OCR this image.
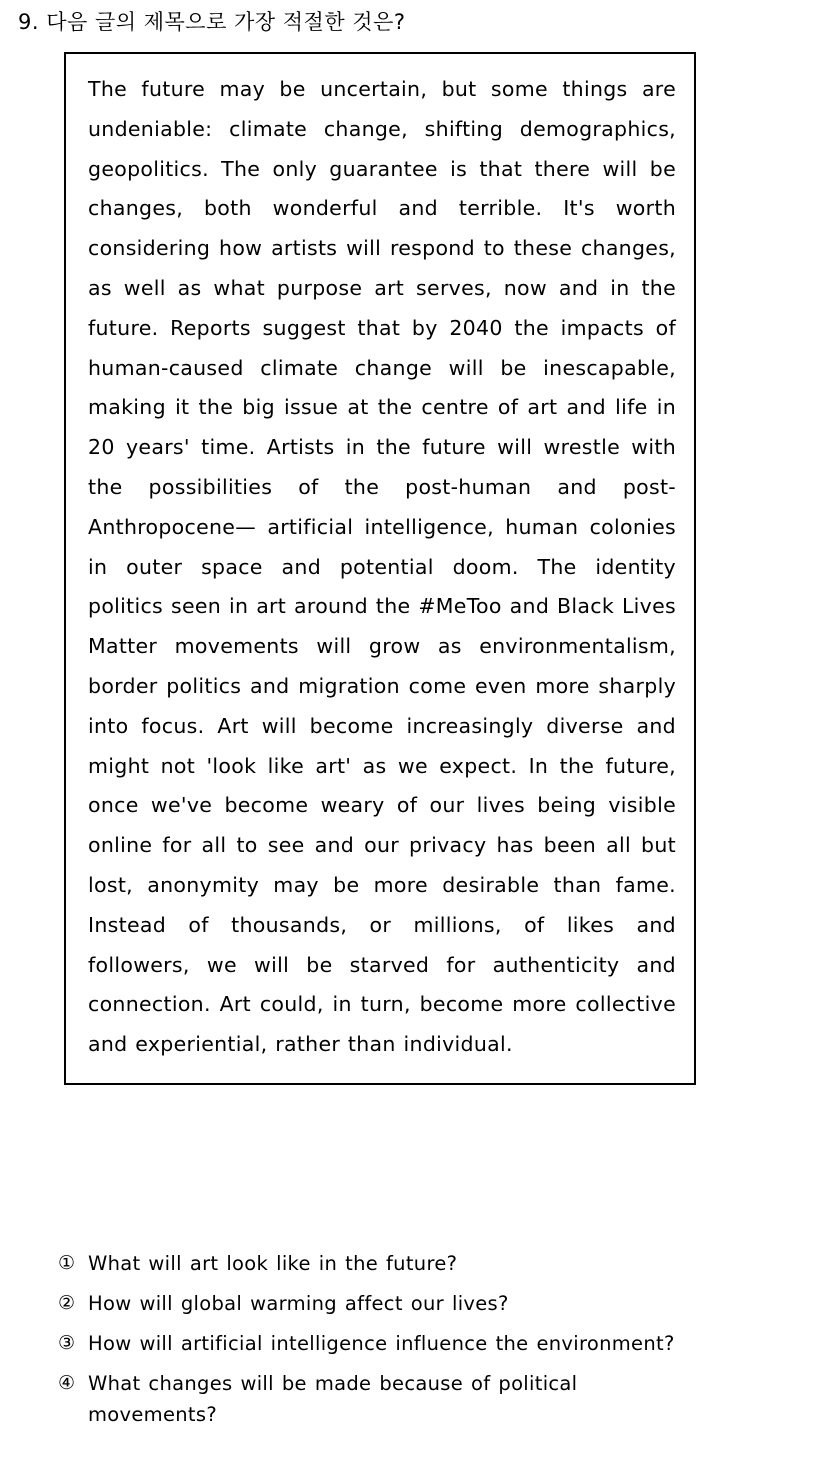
9. 다음 글의 제목으로 가장 적절한 것은?

The future may be uncertain, but some things are undeniable: climate change, shifting demographics, geopolitics. The only guarantee is that there will be changes, both wonderful and terrible. It's worth considering how artists will respond to these changes, as well as what purpose art serves, now and in the future. Reports suggest that by 2040 the impacts of human-caused climate change will be inescapable, making it the big issue at the centre of art and life in 20 years' time. Artists in the future will wrestle with the possibilities of the post-human and post-Anthropocene— artificial intelligence, human colonies in outer space and potential doom. The identity politics seen in art around the #MeToo and Black Lives Matter movements will grow as environmentalism, border politics and migration come even more sharply into focus. Art will become increasingly diverse and might not 'look like art' as we expect. In the future, once we've become weary of our lives being visible online for all to see and our privacy has been all but lost, anonymity may be more desirable than fame. Instead of thousands, or millions, of likes and followers, we will be starved for authenticity and connection. Art could, in turn, become more collective and experiential, rather than individual.

① What will art look like in the future?
② How will global warming affect our lives?
③ How will artificial intelligence influence the environment?
④ What changes will be made because of political movements?
